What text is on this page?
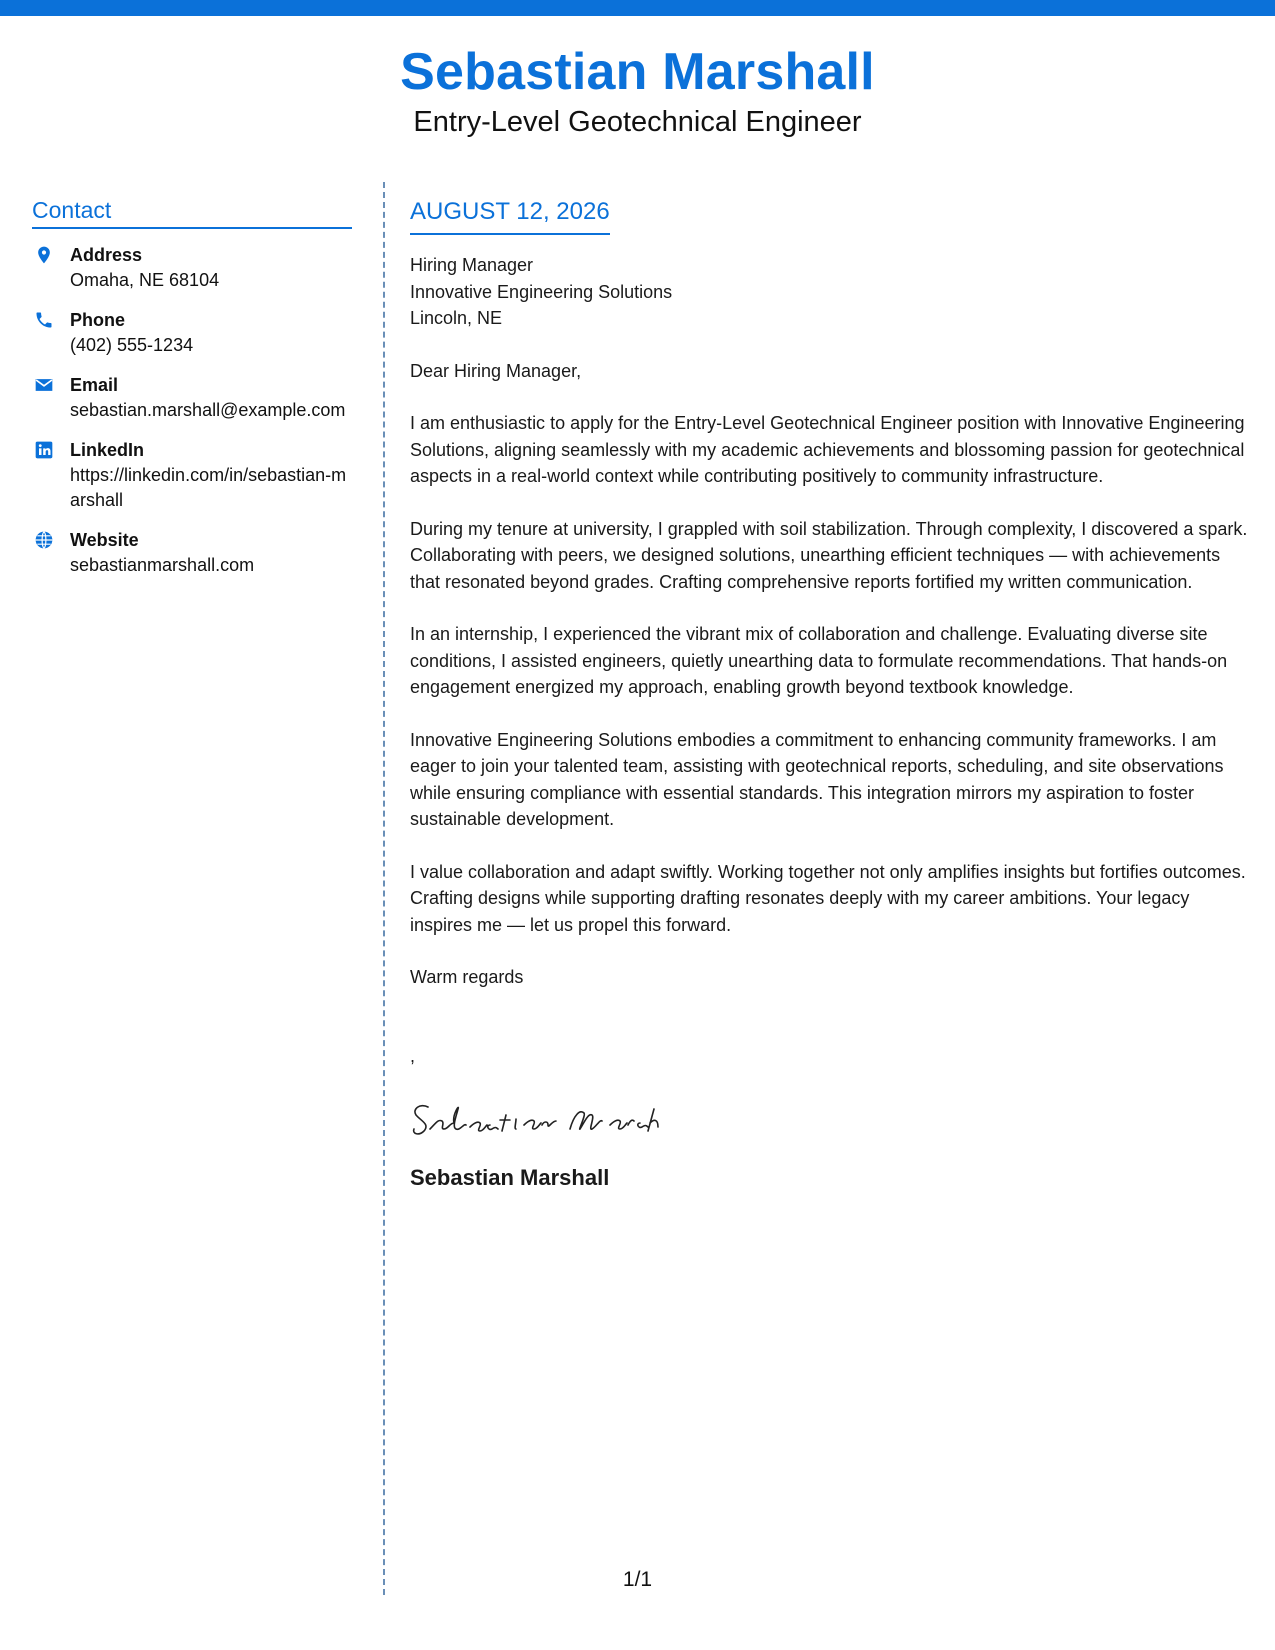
Sebastian Marshall
Entry-Level Geotechnical Engineer
Contact
Address
Omaha, NE 68104
Phone
(402) 555-1234
Email
sebastian.marshall@example.com
LinkedIn
https://linkedin.com/in/sebastian-marshall
Website
sebastianmarshall.com
AUGUST 12, 2026
Hiring Manager
Innovative Engineering Solutions
Lincoln, NE
Dear Hiring Manager,
I am enthusiastic to apply for the Entry-Level Geotechnical Engineer position with Innovative Engineering Solutions, aligning seamlessly with my academic achievements and blossoming passion for geotechnical aspects in a real-world context while contributing positively to community infrastructure.
During my tenure at university, I grappled with soil stabilization. Through complexity, I discovered a spark. Collaborating with peers, we designed solutions, unearthing efficient techniques — with achievements that resonated beyond grades. Crafting comprehensive reports fortified my written communication.
In an internship, I experienced the vibrant mix of collaboration and challenge. Evaluating diverse site conditions, I assisted engineers, quietly unearthing data to formulate recommendations. That hands-on engagement energized my approach, enabling growth beyond textbook knowledge.
Innovative Engineering Solutions embodies a commitment to enhancing community frameworks. I am eager to join your talented team, assisting with geotechnical reports, scheduling, and site observations while ensuring compliance with essential standards. This integration mirrors my aspiration to foster sustainable development.
I value collaboration and adapt swiftly. Working together not only amplifies insights but fortifies outcomes. Crafting designs while supporting drafting resonates deeply with my career ambitions. Your legacy inspires me — let us propel this forward.
Warm regards
,
Sebastian Marshall
1/1
